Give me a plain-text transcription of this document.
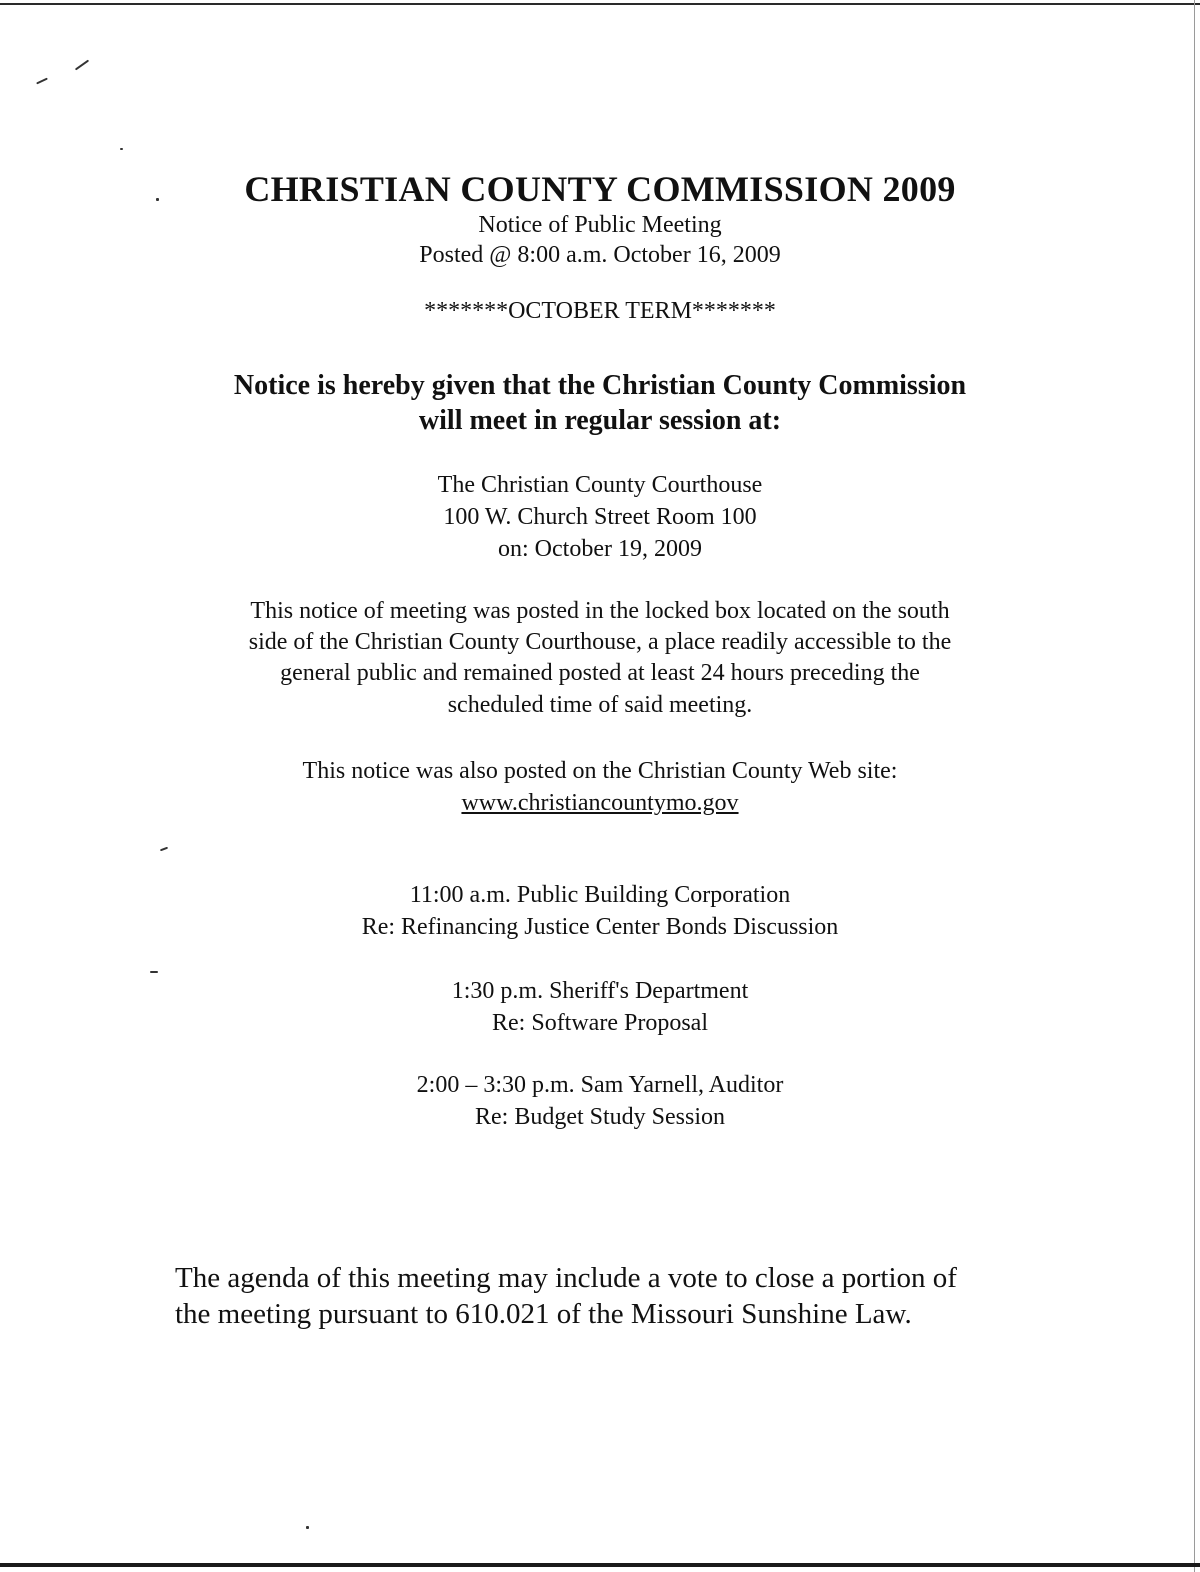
CHRISTIAN COUNTY COMMISSION 2009
Notice of Public Meeting
Posted @ 8:00 a.m. October 16, 2009
*******OCTOBER TERM*******
Notice is hereby given that the Christian County Commission
will meet in regular session at:
The Christian County Courthouse
100 W. Church Street Room 100
on: October 19, 2009
This notice of meeting was posted in the locked box located on the south
side of the Christian County Courthouse, a place readily accessible to the
general public and remained posted at least 24 hours preceding the
scheduled time of said meeting.
This notice was also posted on the Christian County Web site:
www.christiancountymo.gov
11:00 a.m. Public Building Corporation
Re: Refinancing Justice Center Bonds Discussion
1:30 p.m. Sheriff's Department
Re: Software Proposal
2:00 – 3:30 p.m. Sam Yarnell, Auditor
Re: Budget Study Session
The agenda of this meeting may include a vote to close a portion of
the meeting pursuant to 610.021 of the Missouri Sunshine Law.
